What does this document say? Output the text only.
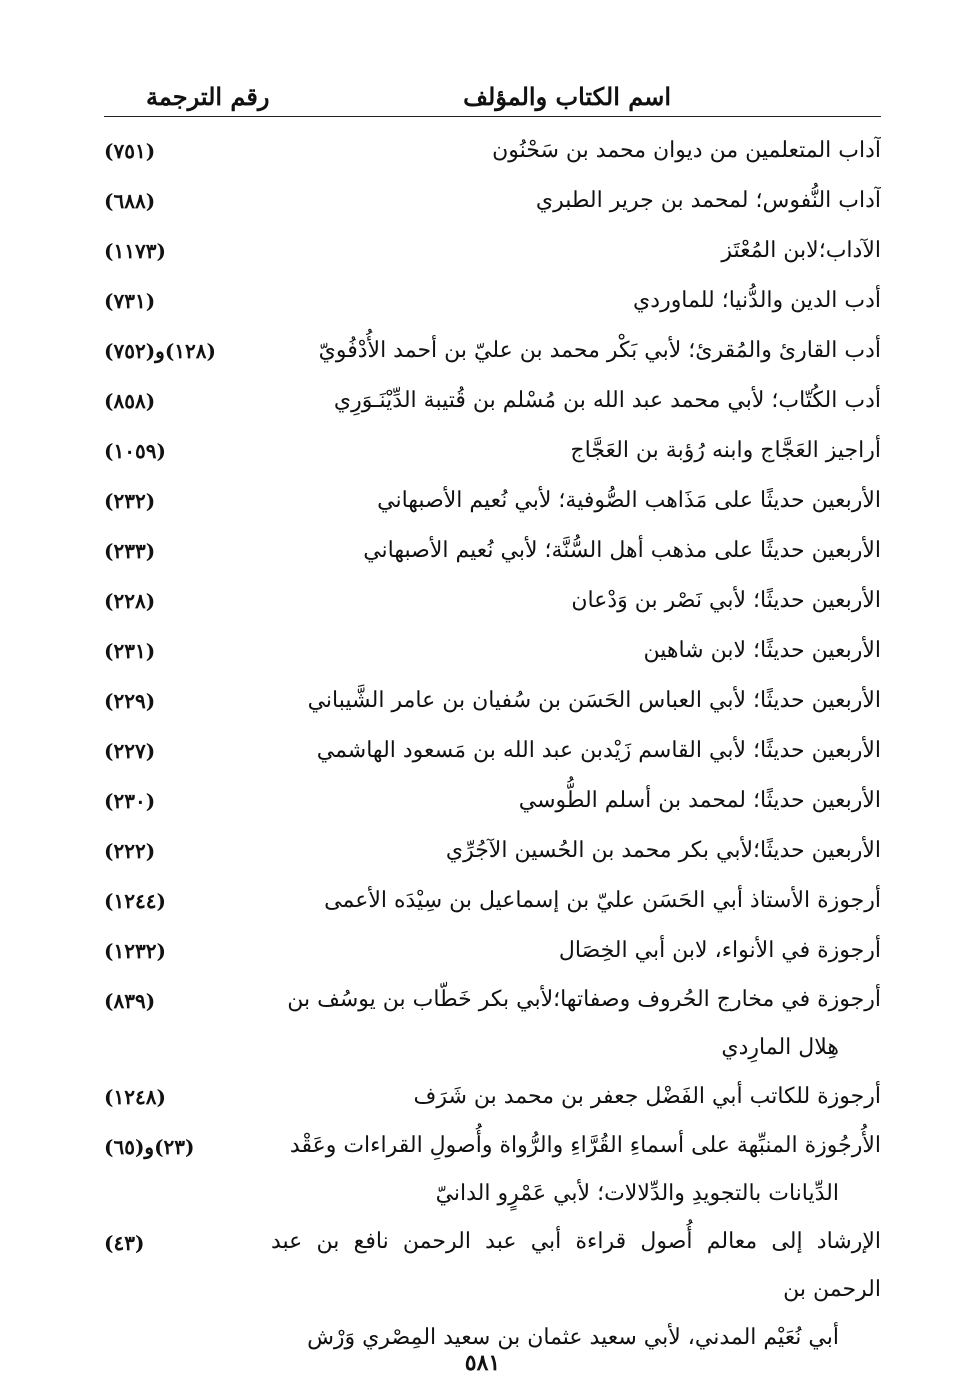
اسم الكتاب والمؤلف
رقم الترجمة
آداب المتعلمين من ديوان محمد بن سَحْنُون
(٧٥١)
آداب النُّفوس؛ لمحمد بن جرير الطبري
(٦٨٨)
الآداب؛لابن المُعْتَز
(١١٧٣)
أدب الدين والدُّنيا؛ للماوردي
(٧٣١)
أدب القارئ والمُقرئ؛ لأبي بَكْر محمد بن عليّ بن أحمد الأُدْفُويّ
(١٢٨)و(٧٥٢)
أدب الكُتّاب؛ لأبي محمد عبد الله بن مُسْلم بن قُتيبة الدِّيْنَـوَرِي
(٨٥٨)
أراجيز العَجَّاج وابنه رُؤبة بن العَجَّاج
(١٠٥٩)
الأربعين حديثًا على مَذَاهب الصُّوفية؛ لأبي نُعيم الأصبهاني
(٢٣٢)
الأربعين حديثًا على مذهب أهل السُّنَّة؛ لأبي نُعيم الأصبهاني
(٢٣٣)
الأربعين حديثًا؛ لأبي نَصْر بن وَدْعان
(٢٢٨)
الأربعين حديثًا؛ لابن شاهين
(٢٣١)
الأربعين حديثًا؛ لأبي العباس الحَسَن بن سُفيان بن عامر الشَّيباني
(٢٢٩)
الأربعين حديثًا؛ لأبي القاسم زَيْدبن عبد الله بن مَسعود الهاشمي
(٢٢٧)
الأربعين حديثًا؛ لمحمد بن أسلم الطُّوسي
(٢٣٠)
الأربعين حديثًا؛لأبي بكر محمد بن الحُسين الآجُرِّي
(٢٢٢)
أرجوزة الأستاذ أبي الحَسَن عليّ بن إسماعيل بن سِيْدَه الأعمى
(١٢٤٤)
أرجوزة في الأنواء، لابن أبي الخِصَال
(١٢٣٢)
أرجوزة في مخارج الحُروف وصفاتها؛لأبي بكر خَطّاب بن يوسُف بن
هِلال المارِدي
(٨٣٩)
أرجوزة للكاتب أبي الفَضْل جعفر بن محمد بن شَرَف
(١٢٤٨)
الأُرجُوزة المنبِّهة على أسماءِ القُرَّاءِ والرُّواة وأُصولِ القراءات وعَقْد
الدِّيانات بالتجويدِ والدِّلالات؛ لأبي عَمْرٍو الدانيّ
(٢٣)و(٦٥)
الإرشاد إلى معالم أُصول قراءة أبي عبد الرحمن نافع بن عبد الرحمن بن
أبي نُعَيْم المدني، لأبي سعيد عثمان بن سعيد المِصْري وَرْش
(٤٣)
٥٨١
